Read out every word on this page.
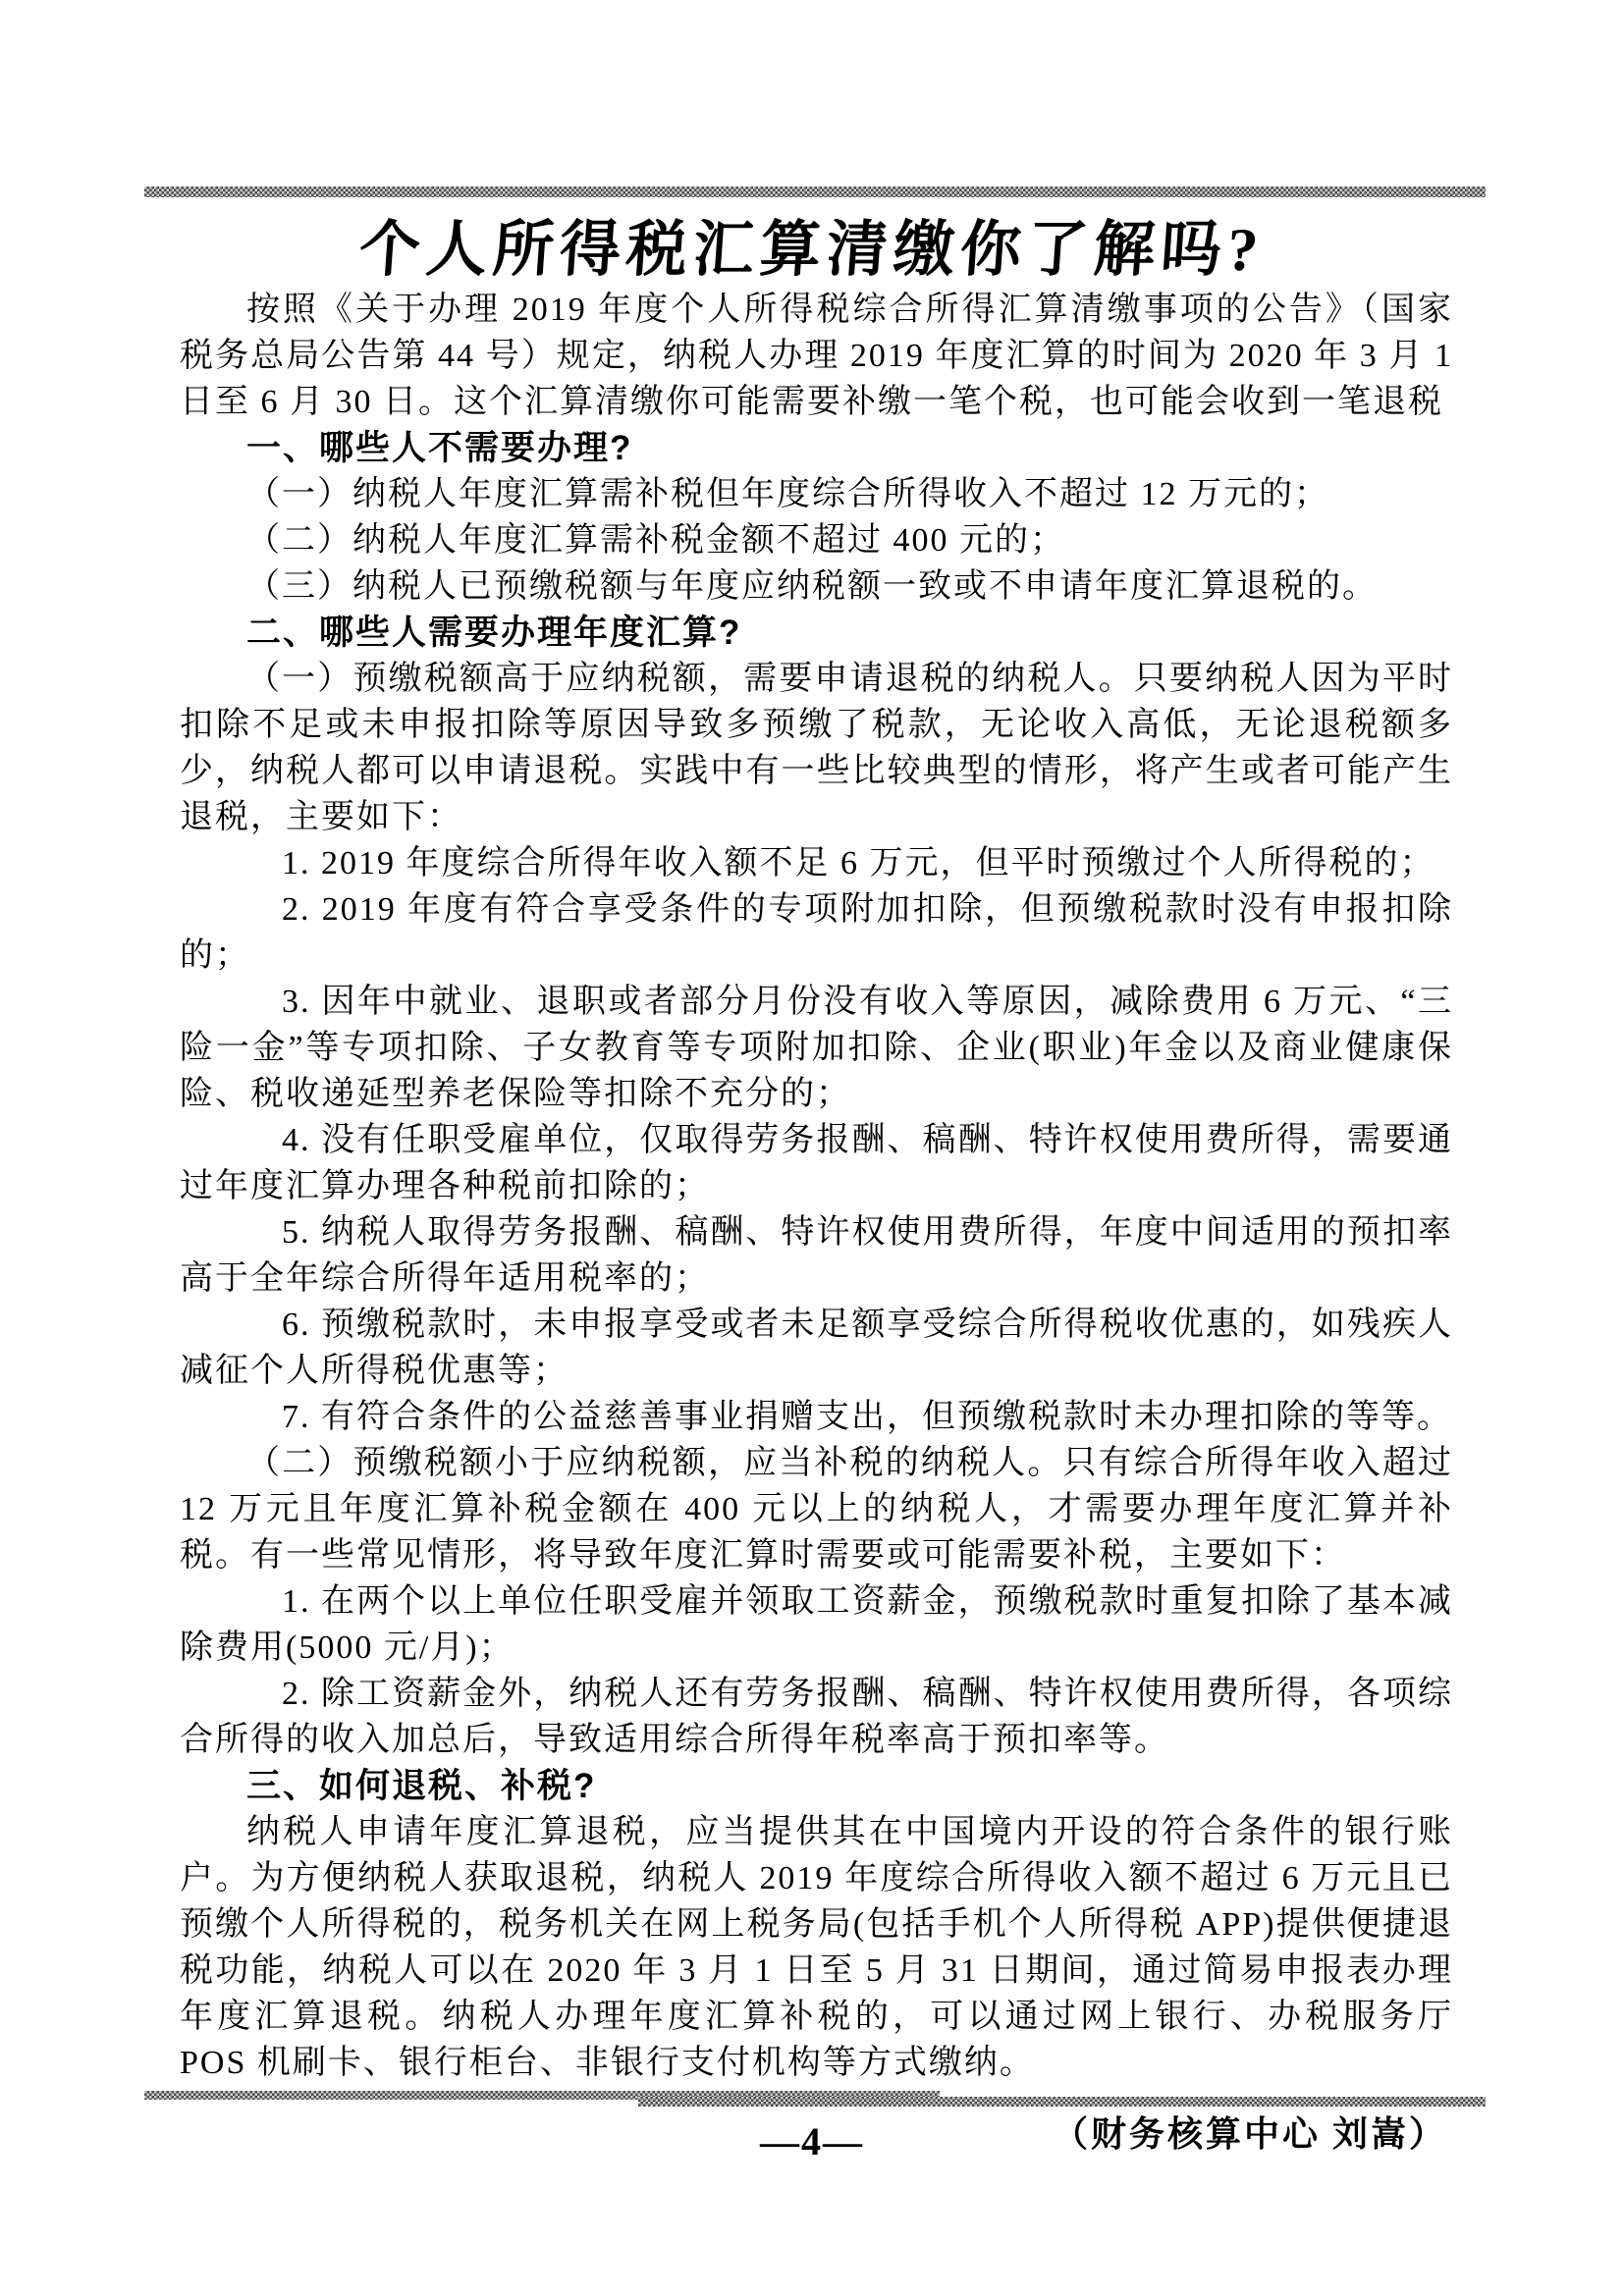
个人所得税汇算清缴你了解吗?

按照《关于办理 2019 年度个人所得税综合所得汇算清缴事项的公告》（国家税务总局公告第 44 号）规定，纳税人办理 2019 年度汇算的时间为 2020 年 3 月 1 日至 6 月 30 日。这个汇算清缴你可能需要补缴一笔个税，也可能会收到一笔退税

一、哪些人不需要办理?

（一）纳税人年度汇算需补税但年度综合所得收入不超过 12 万元的；

（二）纳税人年度汇算需补税金额不超过 400 元的；

（三）纳税人已预缴税额与年度应纳税额一致或不申请年度汇算退税的。

二、哪些人需要办理年度汇算?

（一）预缴税额高于应纳税额，需要申请退税的纳税人。只要纳税人因为平时扣除不足或未申报扣除等原因导致多预缴了税款，无论收入高低，无论退税额多少，纳税人都可以申请退税。实践中有一些比较典型的情形，将产生或者可能产生退税，主要如下：

1. 2019 年度综合所得年收入额不足 6 万元，但平时预缴过个人所得税的；

2. 2019 年度有符合享受条件的专项附加扣除，但预缴税款时没有申报扣除的；

3. 因年中就业、退职或者部分月份没有收入等原因，减除费用 6 万元、“三险一金”等专项扣除、子女教育等专项附加扣除、企业(职业)年金以及商业健康保险、税收递延型养老保险等扣除不充分的；

4. 没有任职受雇单位，仅取得劳务报酬、稿酬、特许权使用费所得，需要通过年度汇算办理各种税前扣除的；

5. 纳税人取得劳务报酬、稿酬、特许权使用费所得，年度中间适用的预扣率高于全年综合所得年适用税率的；

6. 预缴税款时，未申报享受或者未足额享受综合所得税收优惠的，如残疾人减征个人所得税优惠等；

7. 有符合条件的公益慈善事业捐赠支出，但预缴税款时未办理扣除的等等。

（二）预缴税额小于应纳税额，应当补税的纳税人。只有综合所得年收入超过 12 万元且年度汇算补税金额在 400 元以上的纳税人，才需要办理年度汇算并补税。有一些常见情形，将导致年度汇算时需要或可能需要补税，主要如下：

1. 在两个以上单位任职受雇并领取工资薪金，预缴税款时重复扣除了基本减除费用(5000 元/月)；

2. 除工资薪金外，纳税人还有劳务报酬、稿酬、特许权使用费所得，各项综合所得的收入加总后，导致适用综合所得年税率高于预扣率等。

三、如何退税、补税?

纳税人申请年度汇算退税，应当提供其在中国境内开设的符合条件的银行账户。为方便纳税人获取退税，纳税人 2019 年度综合所得收入额不超过 6 万元且已预缴个人所得税的，税务机关在网上税务局(包括手机个人所得税 APP)提供便捷退税功能，纳税人可以在 2020 年 3 月 1 日至 5 月 31 日期间，通过简易申报表办理年度汇算退税。纳税人办理年度汇算补税的，可以通过网上银行、办税服务厅 POS 机刷卡、银行柜台、非银行支付机构等方式缴纳。

（财务核算中心 刘嵩）

—4—
